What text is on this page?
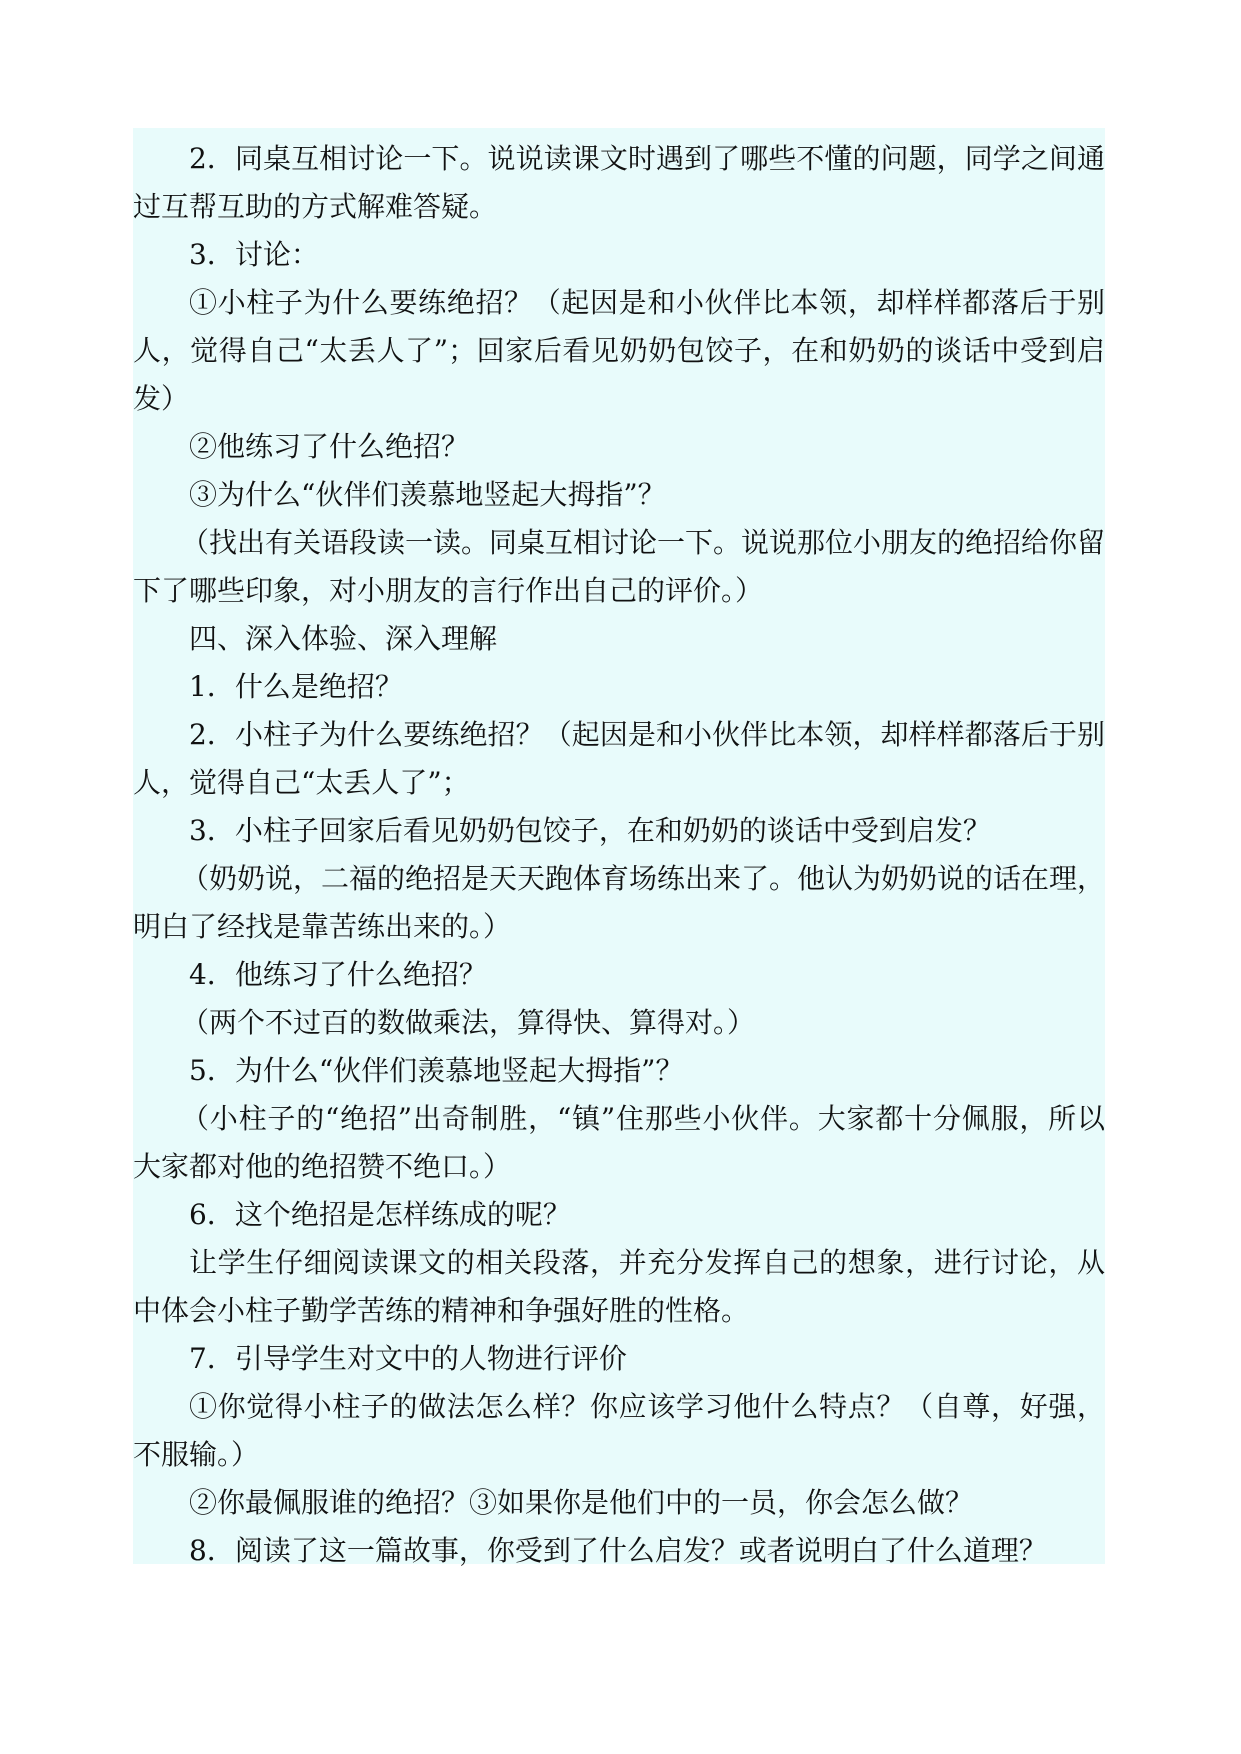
2．同桌互相讨论一下。说说读课文时遇到了哪些不懂的问题，同学之间通过互帮互助的方式解难答疑。

3．讨论：

①小柱子为什么要练绝招？（起因是和小伙伴比本领，却样样都落后于别人，觉得自己“太丢人了”；回家后看见奶奶包饺子，在和奶奶的谈话中受到启发）

②他练习了什么绝招？

③为什么“伙伴们羡慕地竖起大拇指”？

（找出有关语段读一读。同桌互相讨论一下。说说那位小朋友的绝招给你留下了哪些印象，对小朋友的言行作出自己的评价。）

四、深入体验、深入理解

1．什么是绝招？

2．小柱子为什么要练绝招？（起因是和小伙伴比本领，却样样都落后于别人，觉得自己“太丢人了”；

3．小柱子回家后看见奶奶包饺子，在和奶奶的谈话中受到启发？

（奶奶说，二福的绝招是天天跑体育场练出来了。他认为奶奶说的话在理，明白了经找是靠苦练出来的。）

4．他练习了什么绝招？

（两个不过百的数做乘法，算得快、算得对。）

5．为什么“伙伴们羡慕地竖起大拇指”？

（小柱子的“绝招”出奇制胜，“镇”住那些小伙伴。大家都十分佩服，所以大家都对他的绝招赞不绝口。）

6．这个绝招是怎样练成的呢？

让学生仔细阅读课文的相关段落，并充分发挥自己的想象，进行讨论，从中体会小柱子勤学苦练的精神和争强好胜的性格。

7．引导学生对文中的人物进行评价

①你觉得小柱子的做法怎么样？你应该学习他什么特点？（自尊，好强，不服输。）

②你最佩服谁的绝招？③如果你是他们中的一员，你会怎么做？

8．阅读了这一篇故事，你受到了什么启发？或者说明白了什么道理？
